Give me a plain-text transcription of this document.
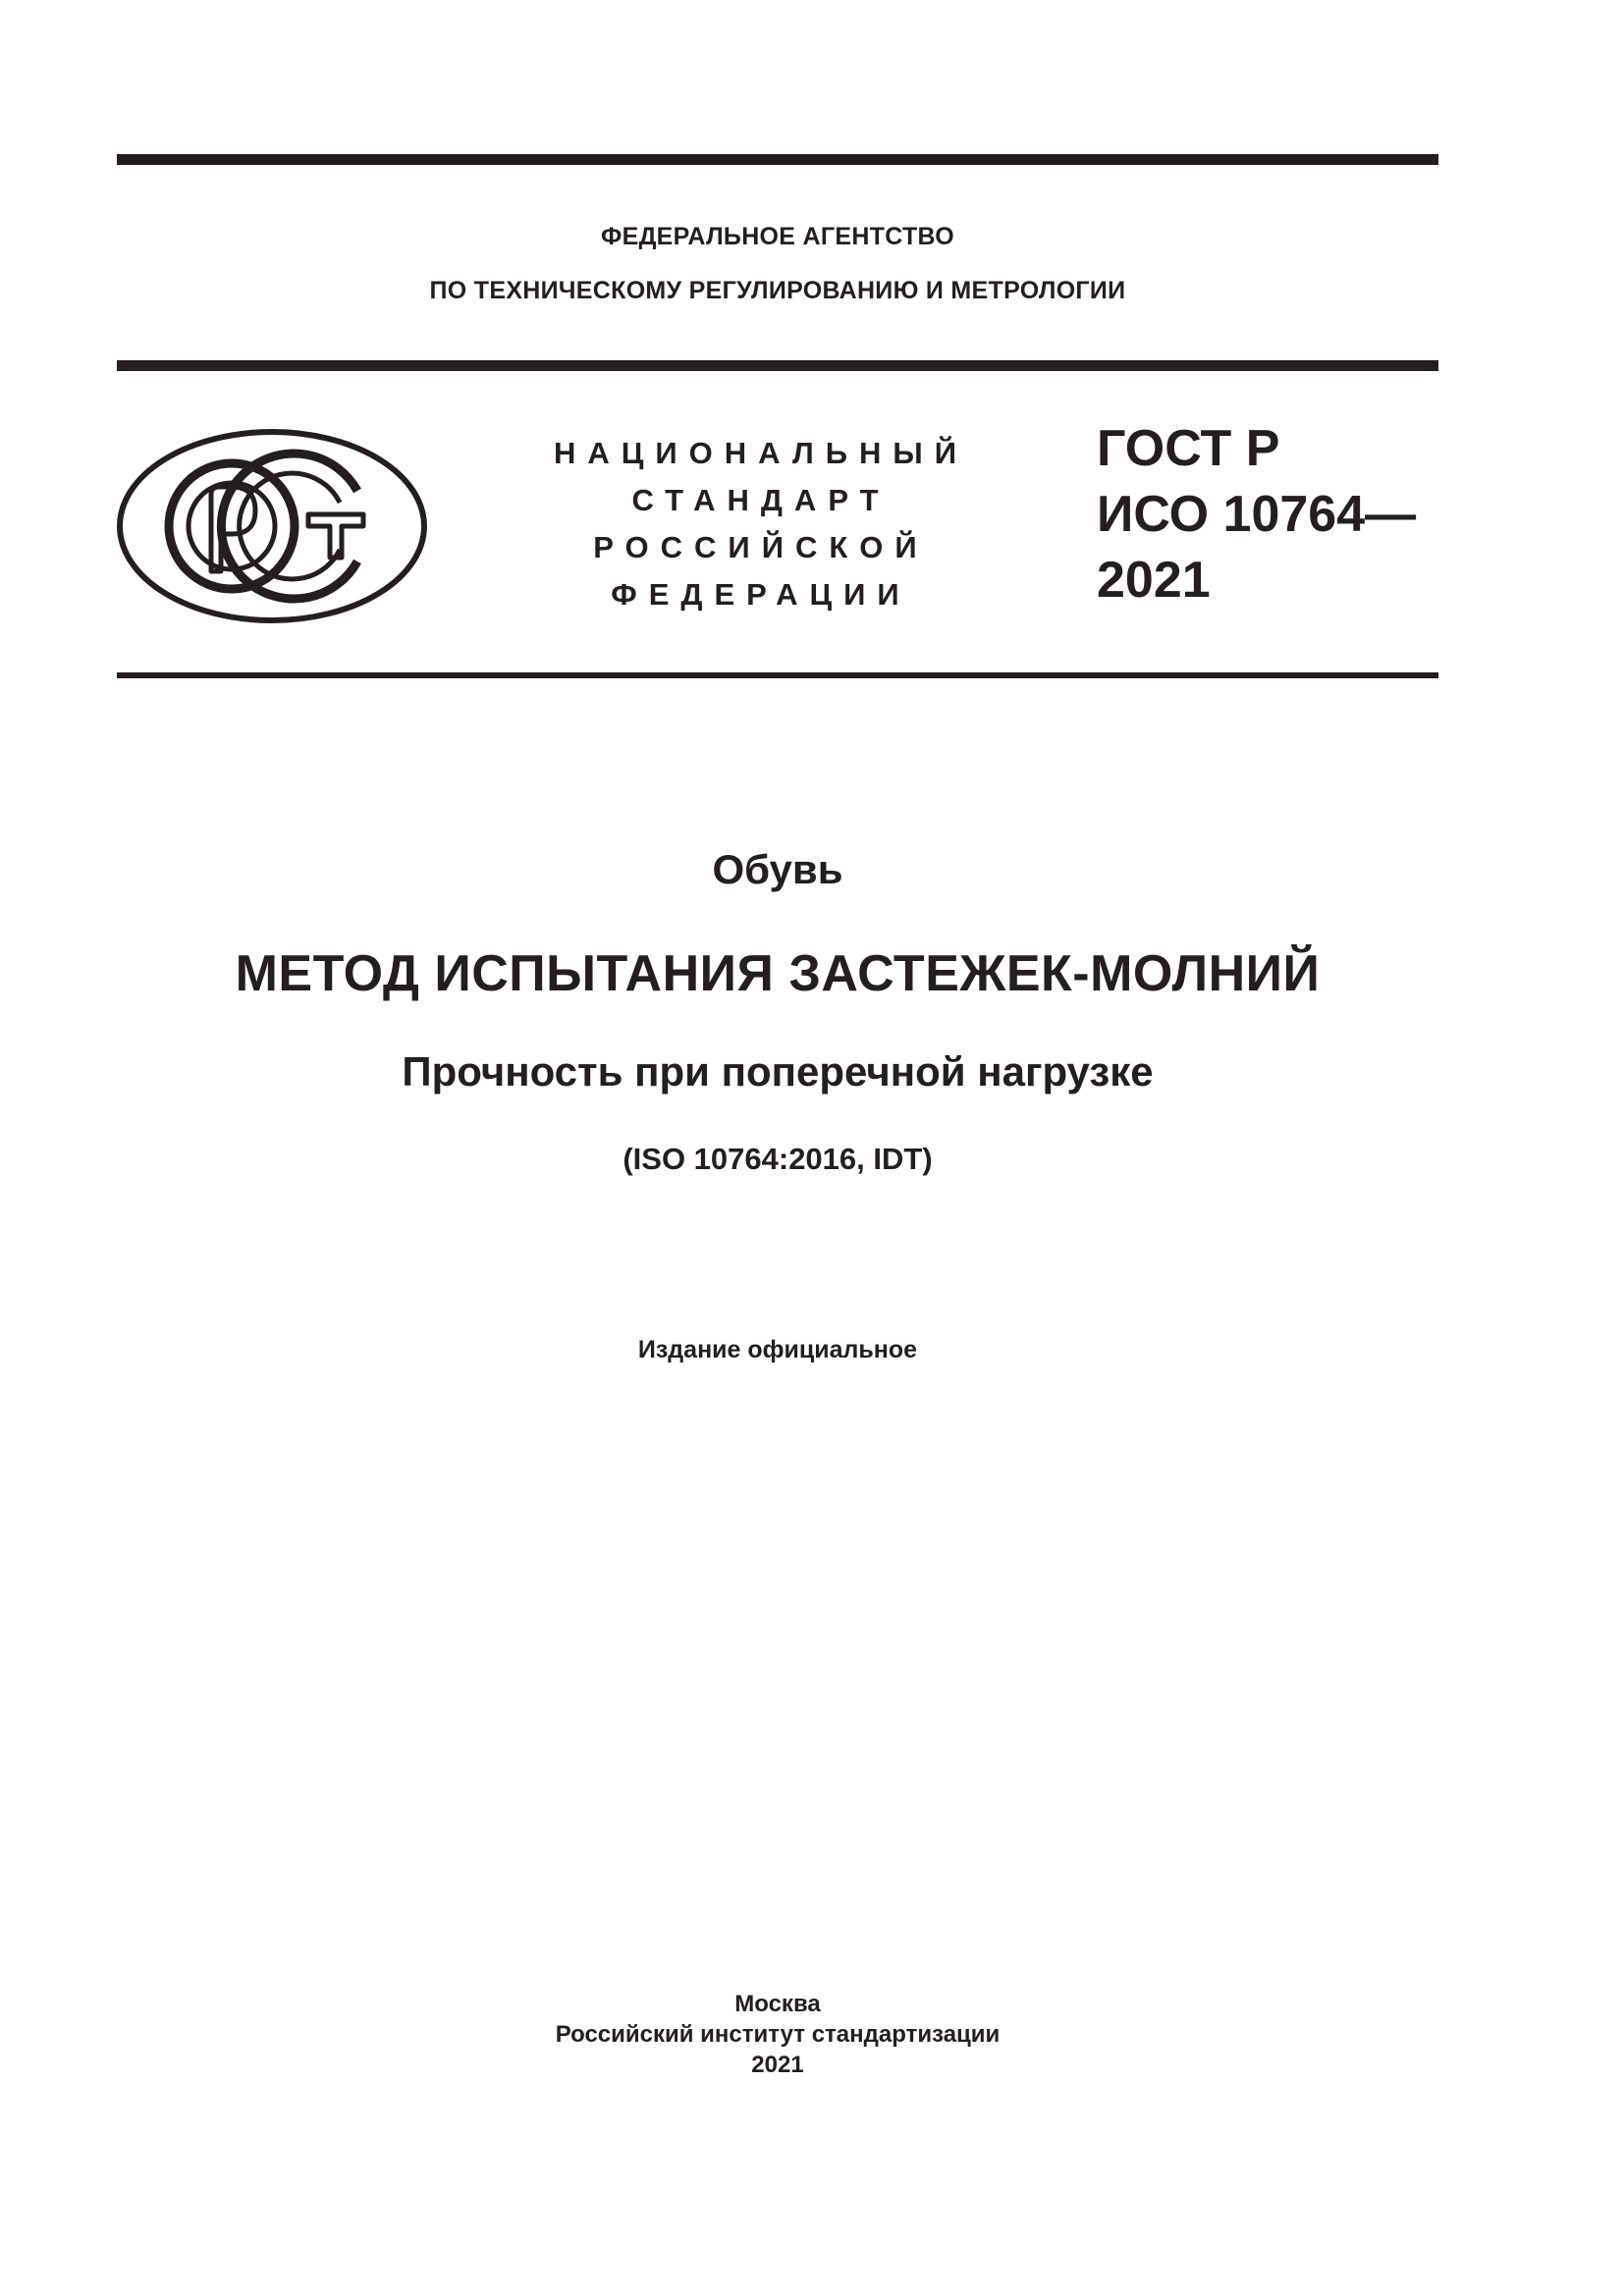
ФЕДЕРАЛЬНОЕ АГЕНТСТВО
ПО ТЕХНИЧЕСКОМУ РЕГУЛИРОВАНИЮ И МЕТРОЛОГИИ
НАЦИОНАЛЬНЫЙ
СТАНДАРТ
РОССИЙСКОЙ
ФЕДЕРАЦИИ
ГОСТ Р
ИСО 10764—
2021
Обувь
МЕТОД ИСПЫТАНИЯ ЗАСТЕЖЕК-МОЛНИЙ
Прочность при поперечной нагрузке
(ISO 10764:2016, IDT)
Издание официальное
Москва
Российский институт стандартизации
2021
